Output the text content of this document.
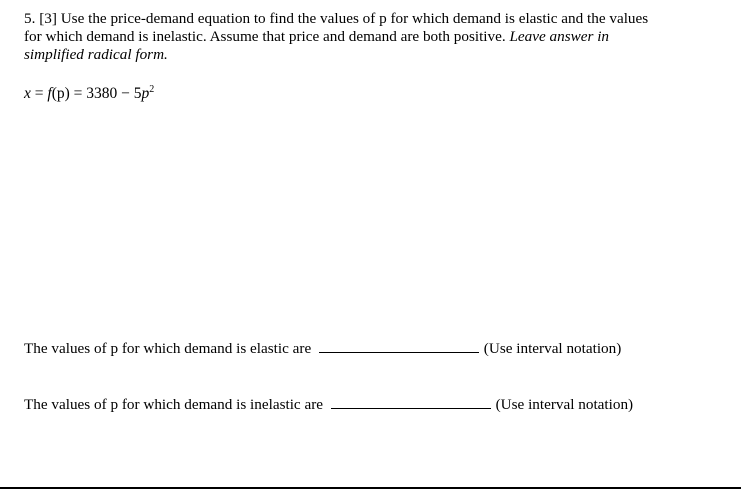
5. [3] Use the price-demand equation to find the values of p for which demand is elastic and the values for which demand is inelastic. Assume that price and demand are both positive. Leave answer in simplified radical form.
$x = f(p) = 3380 - 5p^2$
The values of p for which demand is elastic are	(Use interval notation)
The values of p for which demand is inelastic are	(Use interval notation)
